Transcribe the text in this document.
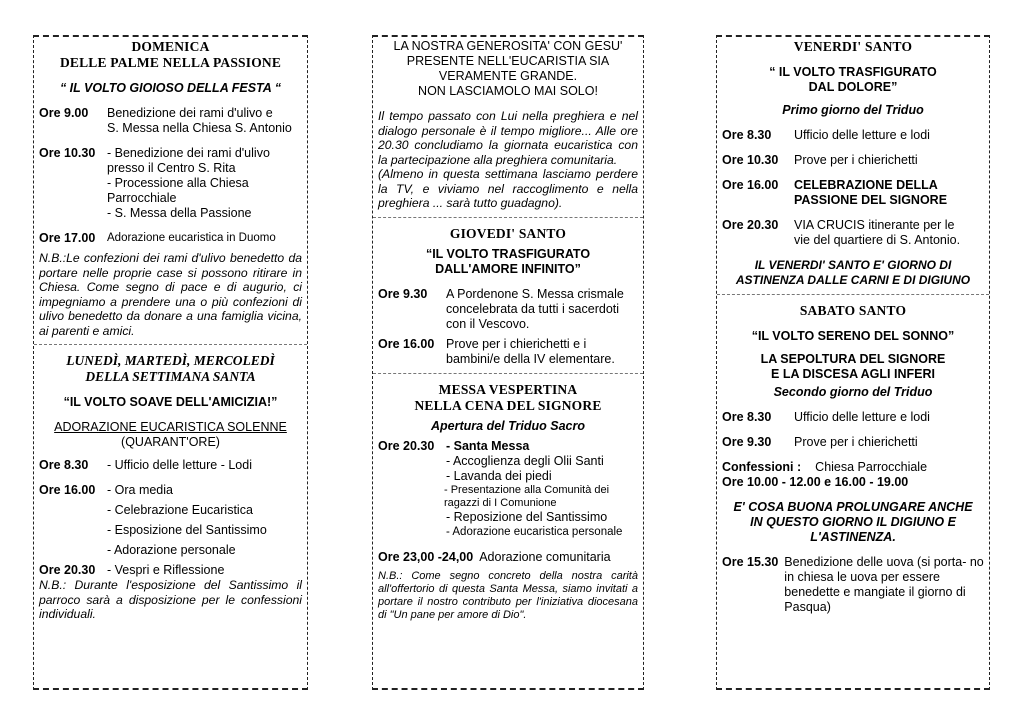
DOMENICA
DELLE PALME NELLA PASSIONE
“ IL VOLTO GIOIOSO DELLA FESTA “
Ore 9.00	Benedizione dei rami d'ulivo e
S. Messa nella Chiesa S. Antonio
Ore 10.30 - Benedizione dei rami d'ulivo
presso il Centro S. Rita
- Processione alla Chiesa
Parrocchiale
- S. Messa della Passione
Ore 17.00	Adorazione eucaristica in Duomo
N.B.:Le confezioni dei rami d'ulivo benedetto da portare nelle proprie case si possono ritirare in Chiesa. Come segno di pace e di augurio, ci impegniamo a prendere una o più confezioni di ulivo benedetto da donare a una famiglia vicina, ai parenti e amici.
LUNEDÌ, MARTEDÌ, MERCOLEDÌ
DELLA SETTIMANA SANTA
“IL VOLTO SOAVE DELL'AMICIZIA!”
ADORAZIONE EUCARISTICA SOLENNE
(QUARANT'ORE)
Ore 8.30	- Ufficio delle letture - Lodi
Ore 16.00 - Ora media
- Celebrazione Eucaristica
- Esposizione del Santissimo
- Adorazione personale
Ore 20.30 - Vespri e Riflessione
N.B.: Durante l'esposizione del Santissimo il parroco sarà a disposizione per le confessioni individuali.
LA NOSTRA GENEROSITA' CON GESU'
PRESENTE NELL'EUCARISTIA SIA
VERAMENTE GRANDE.
NON LASCIAMOLO MAI SOLO!
Il tempo passato con Lui nella preghiera e nel dialogo personale è il tempo migliore... Alle ore 20.30 concludiamo la giornata eucaristica con la partecipazione alla preghiera comunitaria.
(Almeno in questa settimana lasciamo perdere la TV, e viviamo nel raccoglimento e nella preghiera ... sarà tutto guadagno).
GIOVEDI' SANTO
“IL VOLTO TRASFIGURATO
DALL'AMORE INFINITO”
Ore 9.30	A Pordenone S. Messa crismale
concelebrata da tutti i sacerdoti
con il Vescovo.
Ore 16.00 Prove per i chierichetti e i
bambini/e della IV elementare.
MESSA VESPERTINA
NELLA CENA DEL SIGNORE
Apertura del Triduo Sacro
Ore 20.30 - Santa Messa
- Accoglienza degli Olii Santi
- Lavanda dei piedi
- Presentazione alla Comunità dei
ragazzi di I Comunione
- Reposizione del Santissimo
- Adorazione eucaristica personale
Ore 23,00 -24,00 Adorazione comunitaria
N.B.: Come segno concreto della nostra carità all'offertorio di questa Santa Messa, siamo invitati a portare il nostro contributo per l'iniziativa diocesana di "Un pane per amore di Dio".
VENERDI' SANTO
“ IL VOLTO TRASFIGURATO
DAL DOLORE”
Primo giorno del Triduo
Ore 8.30	Ufficio delle letture e lodi
Ore 10.30	Prove per i chierichetti
Ore 16.00	CELEBRAZIONE DELLA
PASSIONE DEL SIGNORE
Ore 20.30	VIA CRUCIS itinerante per le
vie del quartiere di S. Antonio.
IL VENERDI' SANTO E' GIORNO DI
ASTINENZA DALLE CARNI E DI DIGIUNO
SABATO SANTO
“IL VOLTO SERENO DEL SONNO”
LA SEPOLTURA DEL SIGNORE
E LA DISCESA AGLI INFERI
Secondo giorno del Triduo
Ore 8.30	Ufficio delle letture e lodi
Ore 9.30	Prove per i chierichetti
Confessioni : Chiesa Parrocchiale
Ore 10.00 - 12.00 e 16.00 - 19.00
E' COSA BUONA PROLUNGARE ANCHE
IN QUESTO GIORNO IL DIGIUNO E
L'ASTINENZA.
Ore 15.30 Benedizione delle uova (si porta- no in chiesa le uova per essere benedette e mangiate il giorno di Pasqua)
